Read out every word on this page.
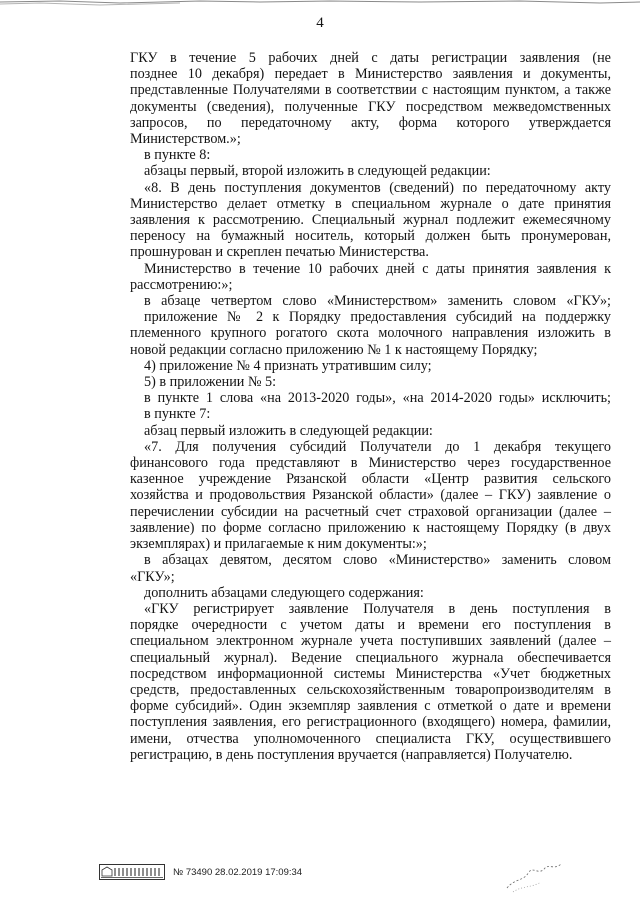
4

ГКУ в течение 5 рабочих дней с даты регистрации заявления (не

позднее 10 декабря) передает в Министерство заявления и документы,

представленные Получателями в соответствии с настоящим пунктом, а также

документы (сведения), полученные ГКУ посредством межведомственных

запросов, по передаточному акту, форма которого утверждается

Министерством.»;

в пункте 8:

абзацы первый, второй изложить в следующей редакции:

«8. В день поступления документов (сведений) по передаточному акту

Министерство делает отметку в специальном журнале о дате принятия

заявления к рассмотрению. Специальный журнал подлежит ежемесячному

переносу на бумажный носитель, который должен быть пронумерован,

прошнурован и скреплен печатью Министерства.

Министерство в течение 10 рабочих дней с даты принятия заявления к

рассмотрению:»;

в абзаце четвертом слово «Министерством» заменить словом «ГКУ»;

приложение № 2 к Порядку предоставления субсидий на поддержку

племенного крупного рогатого скота молочного направления изложить в

новой редакции согласно приложению № 1 к настоящему Порядку;

4) приложение № 4 признать утратившим силу;

5) в приложении № 5:

в пункте 1 слова «на 2013-2020 годы», «на 2014-2020 годы» исключить;

в пункте 7:

абзац первый изложить в следующей редакции:

«7. Для получения субсидий Получатели до 1 декабря текущего

финансового года представляют в Министерство через государственное

казенное учреждение Рязанской области «Центр развития сельского

хозяйства и продовольствия Рязанской области» (далее – ГКУ) заявление о

перечислении субсидии на расчетный счет страховой организации (далее –

заявление) по форме согласно приложению к настоящему Порядку (в двух

экземплярах) и прилагаемые к ним документы:»;

в абзацах девятом, десятом слово «Министерство» заменить словом

«ГКУ»;

дополнить абзацами следующего содержания:

«ГКУ регистрирует заявление Получателя в день поступления в

порядке очередности с учетом даты и времени его поступления в

специальном электронном журнале учета поступивших заявлений (далее –

специальный журнал). Ведение специального журнала обеспечивается

посредством информационной системы Министерства «Учет бюджетных

средств, предоставленных сельскохозяйственным товаропроизводителям в

форме субсидий». Один экземпляр заявления с отметкой о дате и времени

поступления заявления, его регистрационного (входящего) номера, фамилии,

имени, отчества уполномоченного специалиста ГКУ, осуществившего

регистрацию, в день поступления вручается (направляется) Получателю.

№ 73490 28.02.2019 17:09:34
